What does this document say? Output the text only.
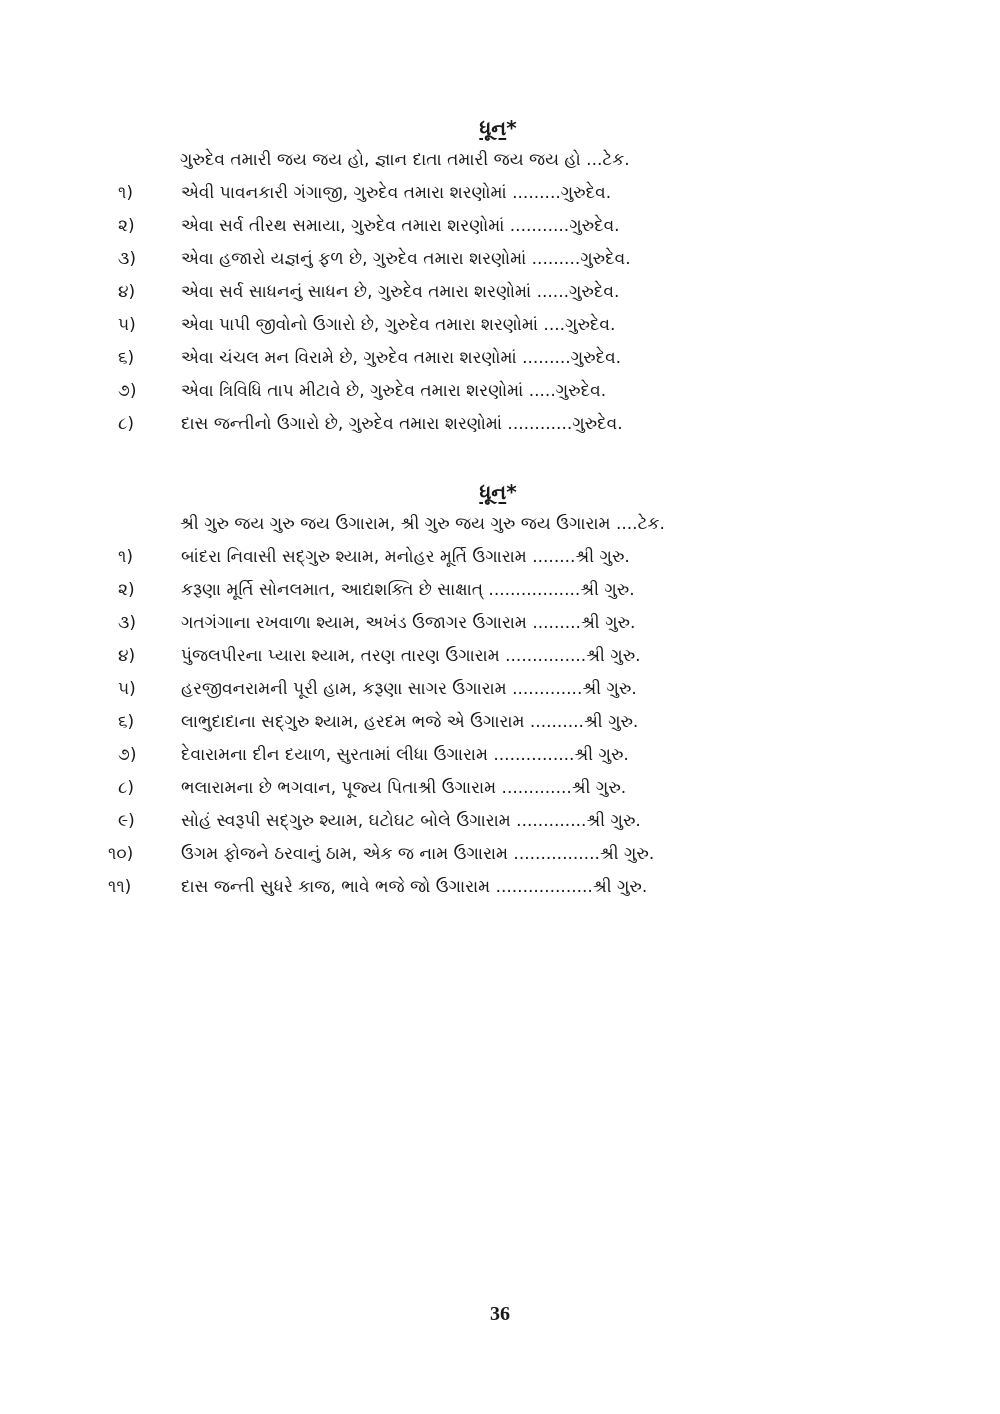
ધૂન*
ગુરુદેવ તમારી જય જય હો, જ્ઞાન દાતા તમારી જય જય હો ...ટેક.
૧)	એવી પાવનકારી ગંગાજી, ગુરુદેવ તમારા શરણોમાં .........ગુરુદેવ.
૨)	એવા સર્વ તીરથ સમાયા, ગુરુદેવ તમારા શરણોમાં ...........ગુરુદેવ.
૩)	એવા હજારો યજ્ઞનું ફળ છે, ગુરુદેવ તમારા શરણોમાં .........ગુરુદેવ.
૪)	એવા સર્વ સાધનનું સાધન છે, ગુરુદેવ તમારા શરણોમાં ......ગુરુદેવ.
૫)	એવા પાપી જીવોનો ઉગારો છે, ગુરુદેવ તમારા શરણોમાં ....ગુરુદેવ.
૬)	એવા ચંચલ મન વિરામે છે, ગુરુદેવ તમારા શરણોમાં .........ગુરુદેવ.
૭)	એવા ત્રિવિધિ તાપ મીટાવે છે, ગુરુદેવ તમારા શરણોમાં .....ગુરુદેવ.
૮)	દાસ જન્તીનો ઉગારો છે, ગુરુદેવ તમારા શરણોમાં ............ગુરુદેવ.
ધૂન*
શ્રી ગુરુ જય ગુરુ જય ઉગારામ, શ્રી ગુરુ જય ગુરુ જય ઉગારામ ....ટેક.
૧)	બાંદરા નિવાસી સદ્‌ગુરુ શ્યામ, મનોહર મૂર્તિ ઉગારામ ........શ્રી ગુરુ.
૨)	કરૂણા મૂર્તિ સોનલમાત, આદ્યશક્તિ છે સાક્ષાત્ .................શ્રી ગુરુ.
૩)	ગતગંગાના રખવાળા શ્યામ, અખંડ ઉજાગર ઉગારામ .........શ્રી ગુરુ.
૪)	પુંજલપીરના પ્યારા શ્યામ, તરણ તારણ ઉગારામ ...............શ્રી ગુરુ.
૫)	હરજીવનરામની પૂરી હામ, કરૂણા સાગર ઉગારામ .............શ્રી ગુરુ.
૬)	લાભુદાદાના સદ્‌ગુરુ શ્યામ, હરદમ ભજે એ ઉગારામ ..........શ્રી ગુરુ.
૭)	દેવારામના દીન દયાળ, સુરતામાં લીધા ઉગારામ ...............શ્રી ગુરુ.
૮)	ભલારામના છે ભગવાન, પૂજ્ય પિતાશ્રી ઉગારામ .............શ્રી ગુરુ.
૯)	સોહં સ્વરૂપી સદ્‌ગુરુ શ્યામ, ઘટોઘટ બોલે ઉગારામ .............શ્રી ગુરુ.
૧૦)	ઉગમ ફોજને ઠરવાનું ઠામ, એક જ નામ ઉગારામ ................શ્રી ગુરુ.
૧૧)	દાસ જન્તી સુધરે કાજ, ભાવે ભજે જો ઉગારામ ..................શ્રી ગુરુ.
36
